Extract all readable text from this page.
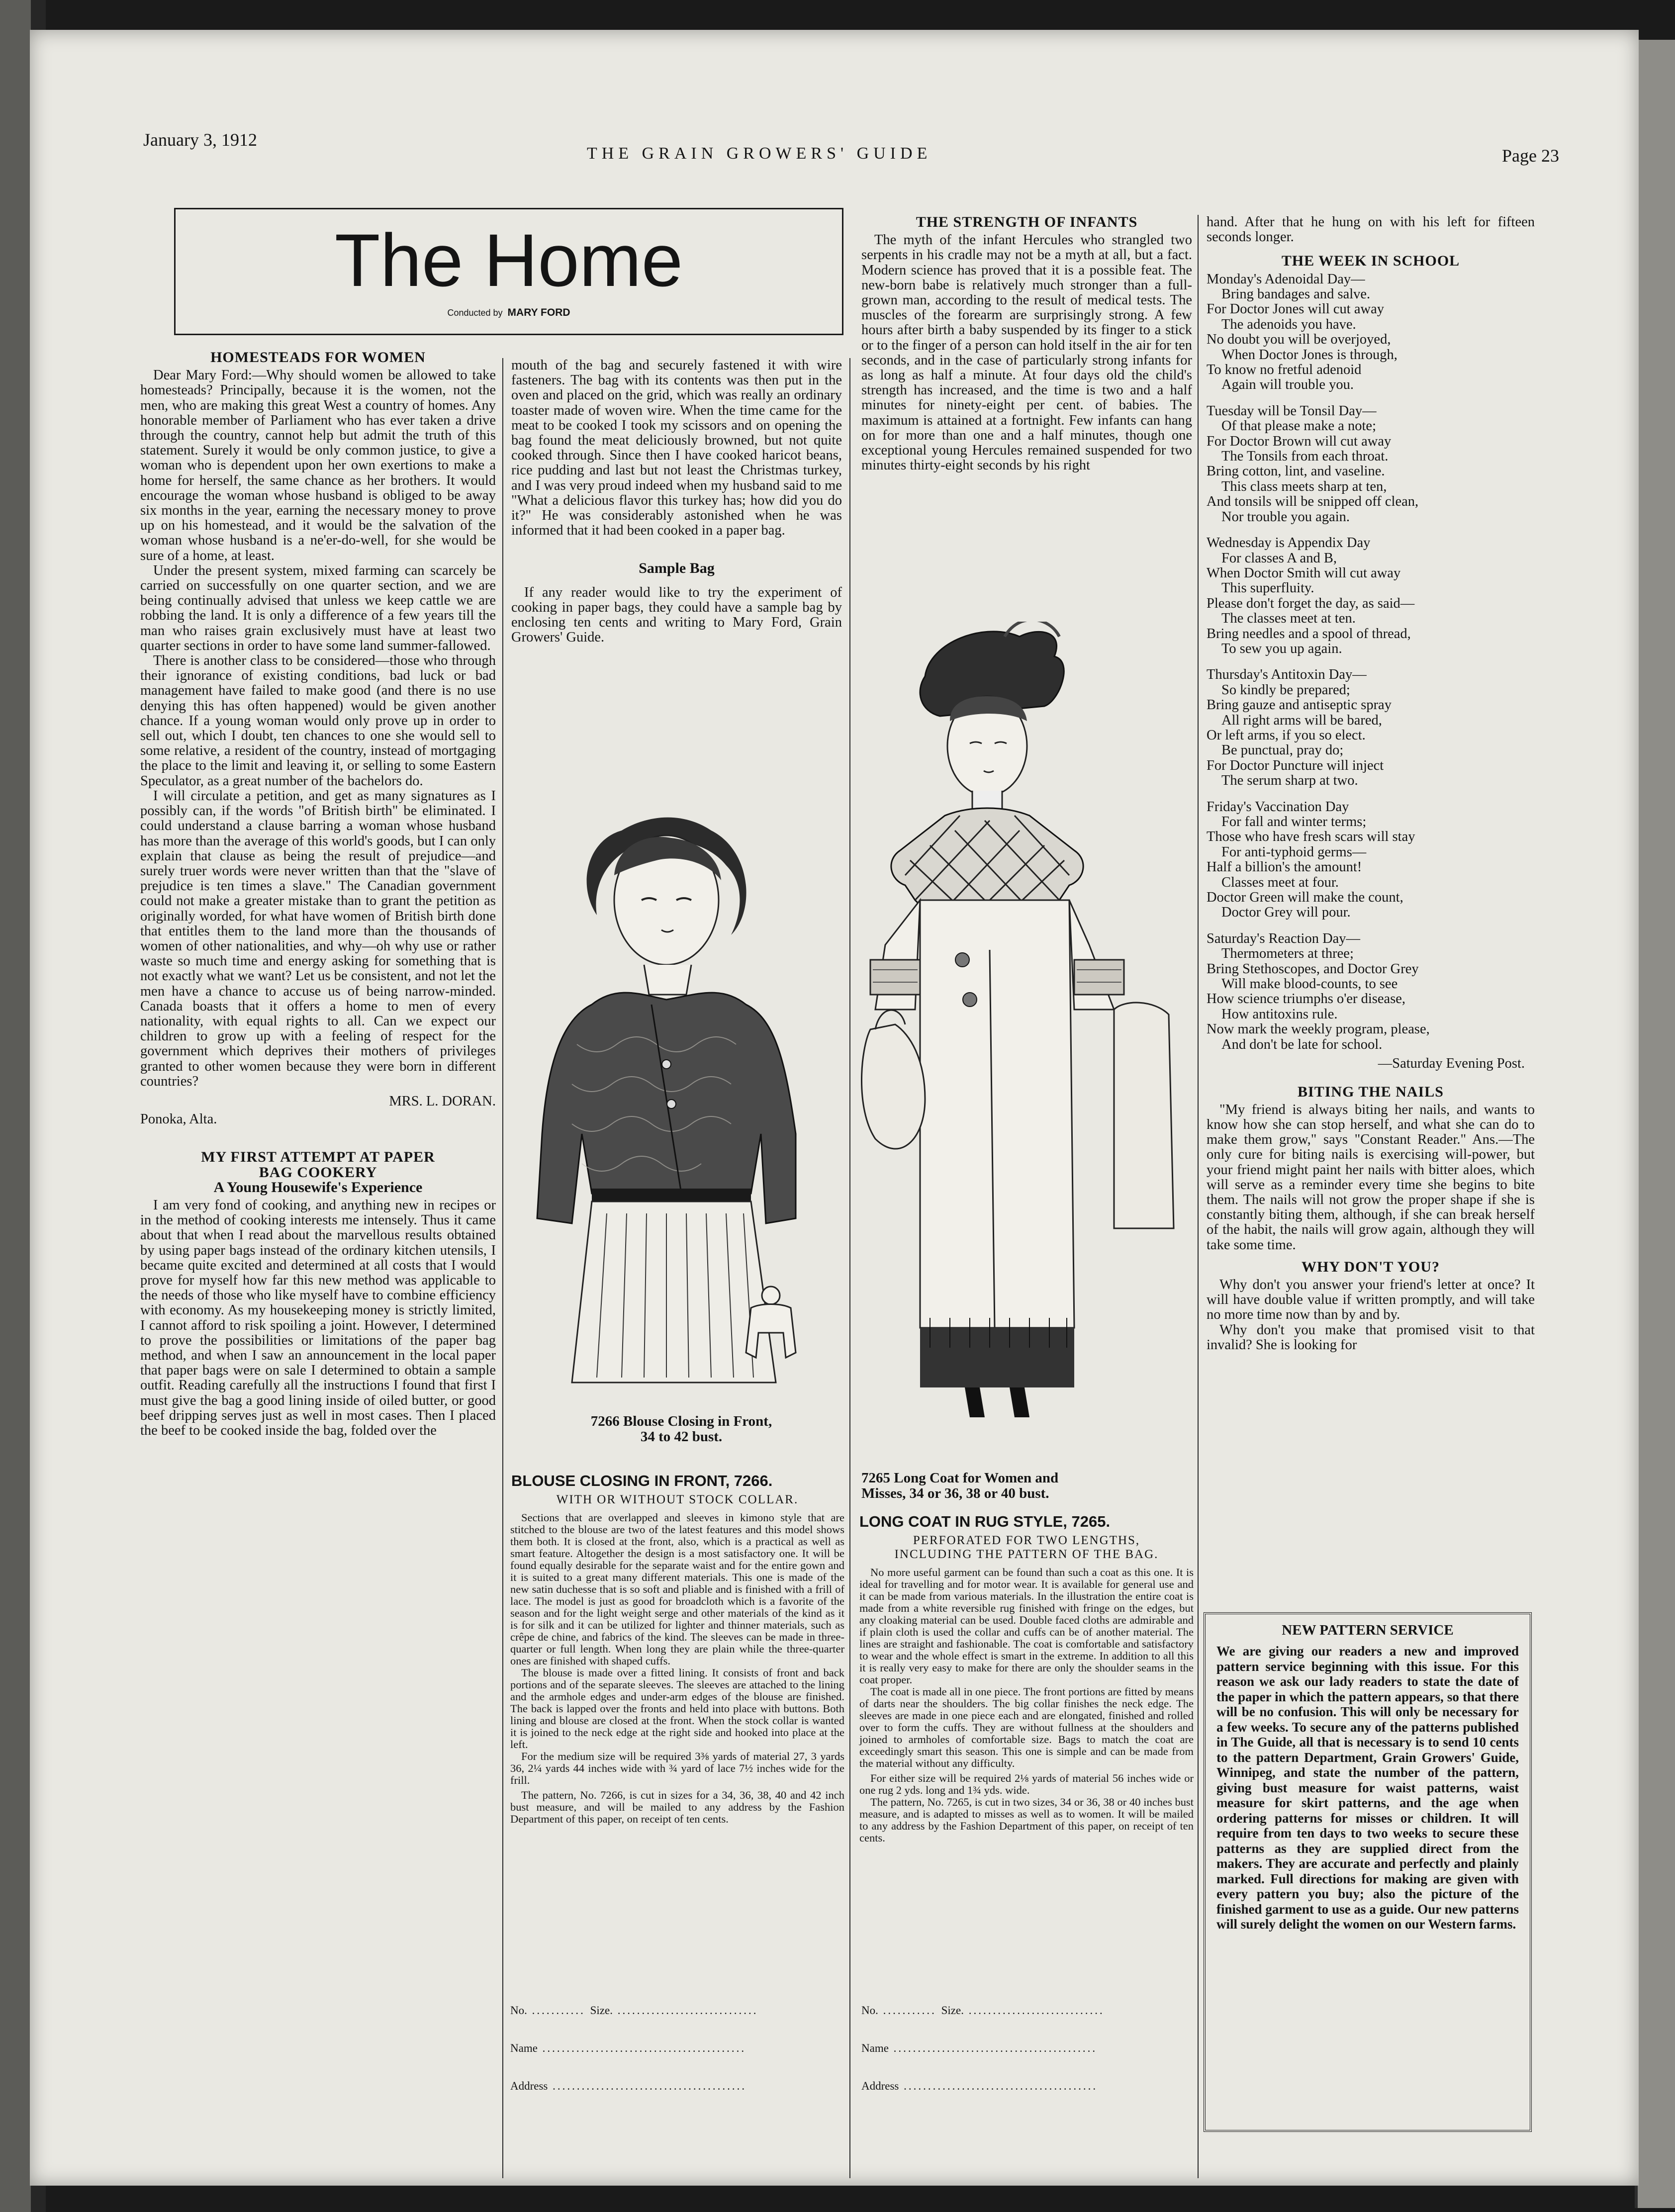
January 3, 1912
THE GRAIN GROWERS' GUIDE	Page 23
The Home
Conducted by MARY FORD
HOMESTEADS FOR WOMEN

Dear Mary Ford:—Why should women be allowed to take homesteads? Principally, because it is the women, not the men, who are making this great West a country of homes. Any honorable member of Parliament who has ever taken a drive through the country, cannot help but admit the truth of this statement. Surely it would be only common justice, to give a woman who is dependent upon her own exertions to make a home for herself, the same chance as her brothers. It would encourage the woman whose husband is obliged to be away six months in the year, earning the necessary money to prove up on his homestead, and it would be the salvation of the woman whose husband is a ne'er-do-well, for she would be sure of a home, at least.

Under the present system, mixed farming can scarcely be carried on successfully on one quarter section, and we are being continually advised that unless we keep cattle we are robbing the land. It is only a difference of a few years till the man who raises grain exclusively must have at least two quarter sections in order to have some land summer-fallowed.

There is another class to be considered—those who through their ignorance of existing conditions, bad luck or bad management have failed to make good (and there is no use denying this has often happened) would be given another chance. If a young woman would only prove up in order to sell out, which I doubt, ten chances to one she would sell to some relative, a resident of the country, instead of mortgaging the place to the limit and leaving it, or selling to some Eastern Speculator, as a great number of the bachelors do.

I will circulate a petition, and get as many signatures as I possibly can, if the words "of British birth" be eliminated. I could understand a clause barring a woman whose husband has more than the average of this world's goods, but I can only explain that clause as being the result of prejudice—and surely truer words were never written than that the "slave of prejudice is ten times a slave." The Canadian government could not make a greater mistake than to grant the petition as originally worded, for what have women of British birth done that entitles them to the land more than the thousands of women of other nationalities, and why—oh why use or rather waste so much time and energy asking for something that is not exactly what we want? Let us be consistent, and not let the men have a chance to accuse us of being narrow-minded. Canada boasts that it offers a home to men of every nationality, with equal rights to all. Can we expect our children to grow up with a feeling of respect for the government which deprives their mothers of privileges granted to other women because they were born in different countries?

MRS. L. DORAN.

Ponoka, Alta.

MY FIRST ATTEMPT AT PAPER
BAG COOKERY
A Young Housewife's Experience

I am very fond of cooking, and anything new in recipes or in the method of cooking interests me intensely. Thus it came about that when I read about the marvellous results obtained by using paper bags instead of the ordinary kitchen utensils, I became quite excited and determined at all costs that I would prove for myself how far this new method was applicable to the needs of those who like myself have to combine efficiency with economy. As my housekeeping money is strictly limited, I cannot afford to risk spoiling a joint. However, I determined to prove the possibilities or limitations of the paper bag method, and when I saw an announcement in the local paper that paper bags were on sale I determined to obtain a sample outfit. Reading carefully all the instructions I found that first I must give the bag a good lining inside of oiled butter, or good beef dripping serves just as well in most cases. Then I placed the beef to be cooked inside the bag, folded over the

mouth of the bag and securely fastened it with wire fasteners. The bag with its contents was then put in the oven and placed on the grid, which was really an ordinary toaster made of woven wire. When the time came for the meat to be cooked I took my scissors and on opening the bag found the meat deliciously browned, but not quite cooked through. Since then I have cooked haricot beans, rice pudding and last but not least the Christmas turkey, and I was very proud indeed when my husband said to me "What a delicious flavor this turkey has; how did you do it?" He was considerably astonished when he was informed that it had been cooked in a paper bag.

Sample Bag

If any reader would like to try the experiment of cooking in paper bags, they could have a sample bag by enclosing ten cents and writing to Mary Ford, Grain Growers' Guide.

7266 Blouse Closing in Front,
34 to 42 bust.
BLOUSE CLOSING IN FRONT, 7266.
WITH OR WITHOUT STOCK COLLAR.

Sections that are overlapped and sleeves in kimono style that are stitched to the blouse are two of the latest features and this model shows them both. It is closed at the front, also, which is a practical as well as smart feature. Altogether the design is a most satisfactory one. It will be found equally desirable for the separate waist and for the entire gown and it is suited to a great many different materials. This one is made of the new satin duchesse that is so soft and pliable and is finished with a frill of lace. The model is just as good for broadcloth which is a favorite of the season and for the light weight serge and other materials of the kind as it is for silk and it can be utilized for lighter and thinner materials, such as crêpe de chine, and fabrics of the kind. The sleeves can be made in three-quarter or full length. When long they are plain while the three-quarter ones are finished with shaped cuffs.

The blouse is made over a fitted lining. It consists of front and back portions and of the separate sleeves. The sleeves are attached to the lining and the armhole edges and under-arm edges of the blouse are finished. The back is lapped over the fronts and held into place with buttons. Both lining and blouse are closed at the front. When the stock collar is wanted it is joined to the neck edge at the right side and hooked into place at the left.

For the medium size will be required 3⅜ yards of material 27, 3 yards 36, 2¼ yards 44 inches wide with ¾ yard of lace 7½ inches wide for the frill.

The pattern, No. 7266, is cut in sizes for a 34, 36, 38, 40 and 42 inch bust measure, and will be mailed to any address by the Fashion Department of this paper, on receipt of ten cents.

No. ........... Size. .............................
Name ..........................................
Address ........................................
THE STRENGTH OF INFANTS

The myth of the infant Hercules who strangled two serpents in his cradle may not be a myth at all, but a fact. Modern science has proved that it is a possible feat. The new-born babe is relatively much stronger than a full-grown man, according to the result of medical tests. The muscles of the forearm are surprisingly strong. A few hours after birth a baby suspended by its finger to a stick or to the finger of a person can hold itself in the air for ten seconds, and in the case of particularly strong infants for as long as half a minute. At four days old the child's strength has increased, and the time is two and a half minutes for ninety-eight per cent. of babies. The maximum is attained at a fortnight. Few infants can hang on for more than one and a half minutes, though one exceptional young Hercules remained suspended for two minutes thirty-eight seconds by his right

7265 Long Coat for Women and
Misses, 34 or 36, 38 or 40 bust.
LONG COAT IN RUG STYLE, 7265.
PERFORATED FOR TWO LENGTHS,
INCLUDING THE PATTERN OF THE BAG.

No more useful garment can be found than such a coat as this one. It is ideal for travelling and for motor wear. It is available for general use and it can be made from various materials. In the illustration the entire coat is made from a white reversible rug finished with fringe on the edges, but any cloaking material can be used. Double faced cloths are admirable and if plain cloth is used the collar and cuffs can be of another material. The lines are straight and fashionable. The coat is comfortable and satisfactory to wear and the whole effect is smart in the extreme. In addition to all this it is really very easy to make for there are only the shoulder seams in the coat proper.

The coat is made all in one piece. The front portions are fitted by means of darts near the shoulders. The big collar finishes the neck edge. The sleeves are made in one piece each and are elongated, finished and rolled over to form the cuffs. They are without fullness at the shoulders and joined to armholes of comfortable size. Bags to match the coat are exceedingly smart this season. This one is simple and can be made from the material without any difficulty.

For either size will be required 2⅛ yards of material 56 inches wide or one rug 2 yds. long and 1¾ yds. wide.

The pattern, No. 7265, is cut in two sizes, 34 or 36, 38 or 40 inches bust measure, and is adapted to misses as well as to women. It will be mailed to any address by the Fashion Department of this paper, on receipt of ten cents.

No. ........... Size. ............................
Name ..........................................
Address ........................................

hand. After that he hung on with his left for fifteen seconds longer.

THE WEEK IN SCHOOL
Monday's Adenoidal Day—
Bring bandages and salve.
For Doctor Jones will cut away
The adenoids you have.
No doubt you will be overjoyed,
When Doctor Jones is through,
To know no fretful adenoid
Again will trouble you.
Tuesday will be Tonsil Day—
Of that please make a note;
For Doctor Brown will cut away
The Tonsils from each throat.
Bring cotton, lint, and vaseline.
This class meets sharp at ten,
And tonsils will be snipped off clean,
Nor trouble you again.
Wednesday is Appendix Day
For classes A and B,
When Doctor Smith will cut away
This superfluity.
Please don't forget the day, as said—
The classes meet at ten.
Bring needles and a spool of thread,
To sew you up again.
Thursday's Antitoxin Day—
So kindly be prepared;
Bring gauze and antiseptic spray
All right arms will be bared,
Or left arms, if you so elect.
Be punctual, pray do;
For Doctor Puncture will inject
The serum sharp at two.
Friday's Vaccination Day
For fall and winter terms;
Those who have fresh scars will stay
For anti-typhoid germs—
Half a billion's the amount!
Classes meet at four.
Doctor Green will make the count,
Doctor Grey will pour.
Saturday's Reaction Day—
Thermometers at three;
Bring Stethoscopes, and Doctor Grey
Will make blood-counts, to see
How science triumphs o'er disease,
How antitoxins rule.
Now mark the weekly program, please,
And don't be late for school.
—Saturday Evening Post.
BITING THE NAILS

"My friend is always biting her nails, and wants to know how she can stop herself, and what she can do to make them grow," says "Constant Reader." Ans.—The only cure for biting nails is exercising will-power, but your friend might paint her nails with bitter aloes, which will serve as a reminder every time she begins to bite them. The nails will not grow the proper shape if she is constantly biting them, although, if she can break herself of the habit, the nails will grow again, although they will take some time.

WHY DON'T YOU?

Why don't you answer your friend's letter at once? It will have double value if written promptly, and will take no more time now than by and by.

Why don't you make that promised visit to that invalid? She is looking for

NEW PATTERN SERVICE
We are giving our readers a new and improved pattern service beginning with this issue. For this reason we ask our lady readers to state the date of the paper in which the pattern appears, so that there will be no confusion. This will only be necessary for a few weeks. To secure any of the patterns published in The Guide, all that is necessary is to send 10 cents to the pattern Department, Grain Growers' Guide, Winnipeg, and state the number of the pattern, giving bust measure for waist patterns, waist measure for skirt patterns, and the age when ordering patterns for misses or children. It will require from ten days to two weeks to secure these patterns as they are supplied direct from the makers. They are accurate and perfectly and plainly marked. Full directions for making are given with every pattern you buy; also the picture of the finished garment to use as a guide. Our new patterns will surely delight the women on our Western farms.
